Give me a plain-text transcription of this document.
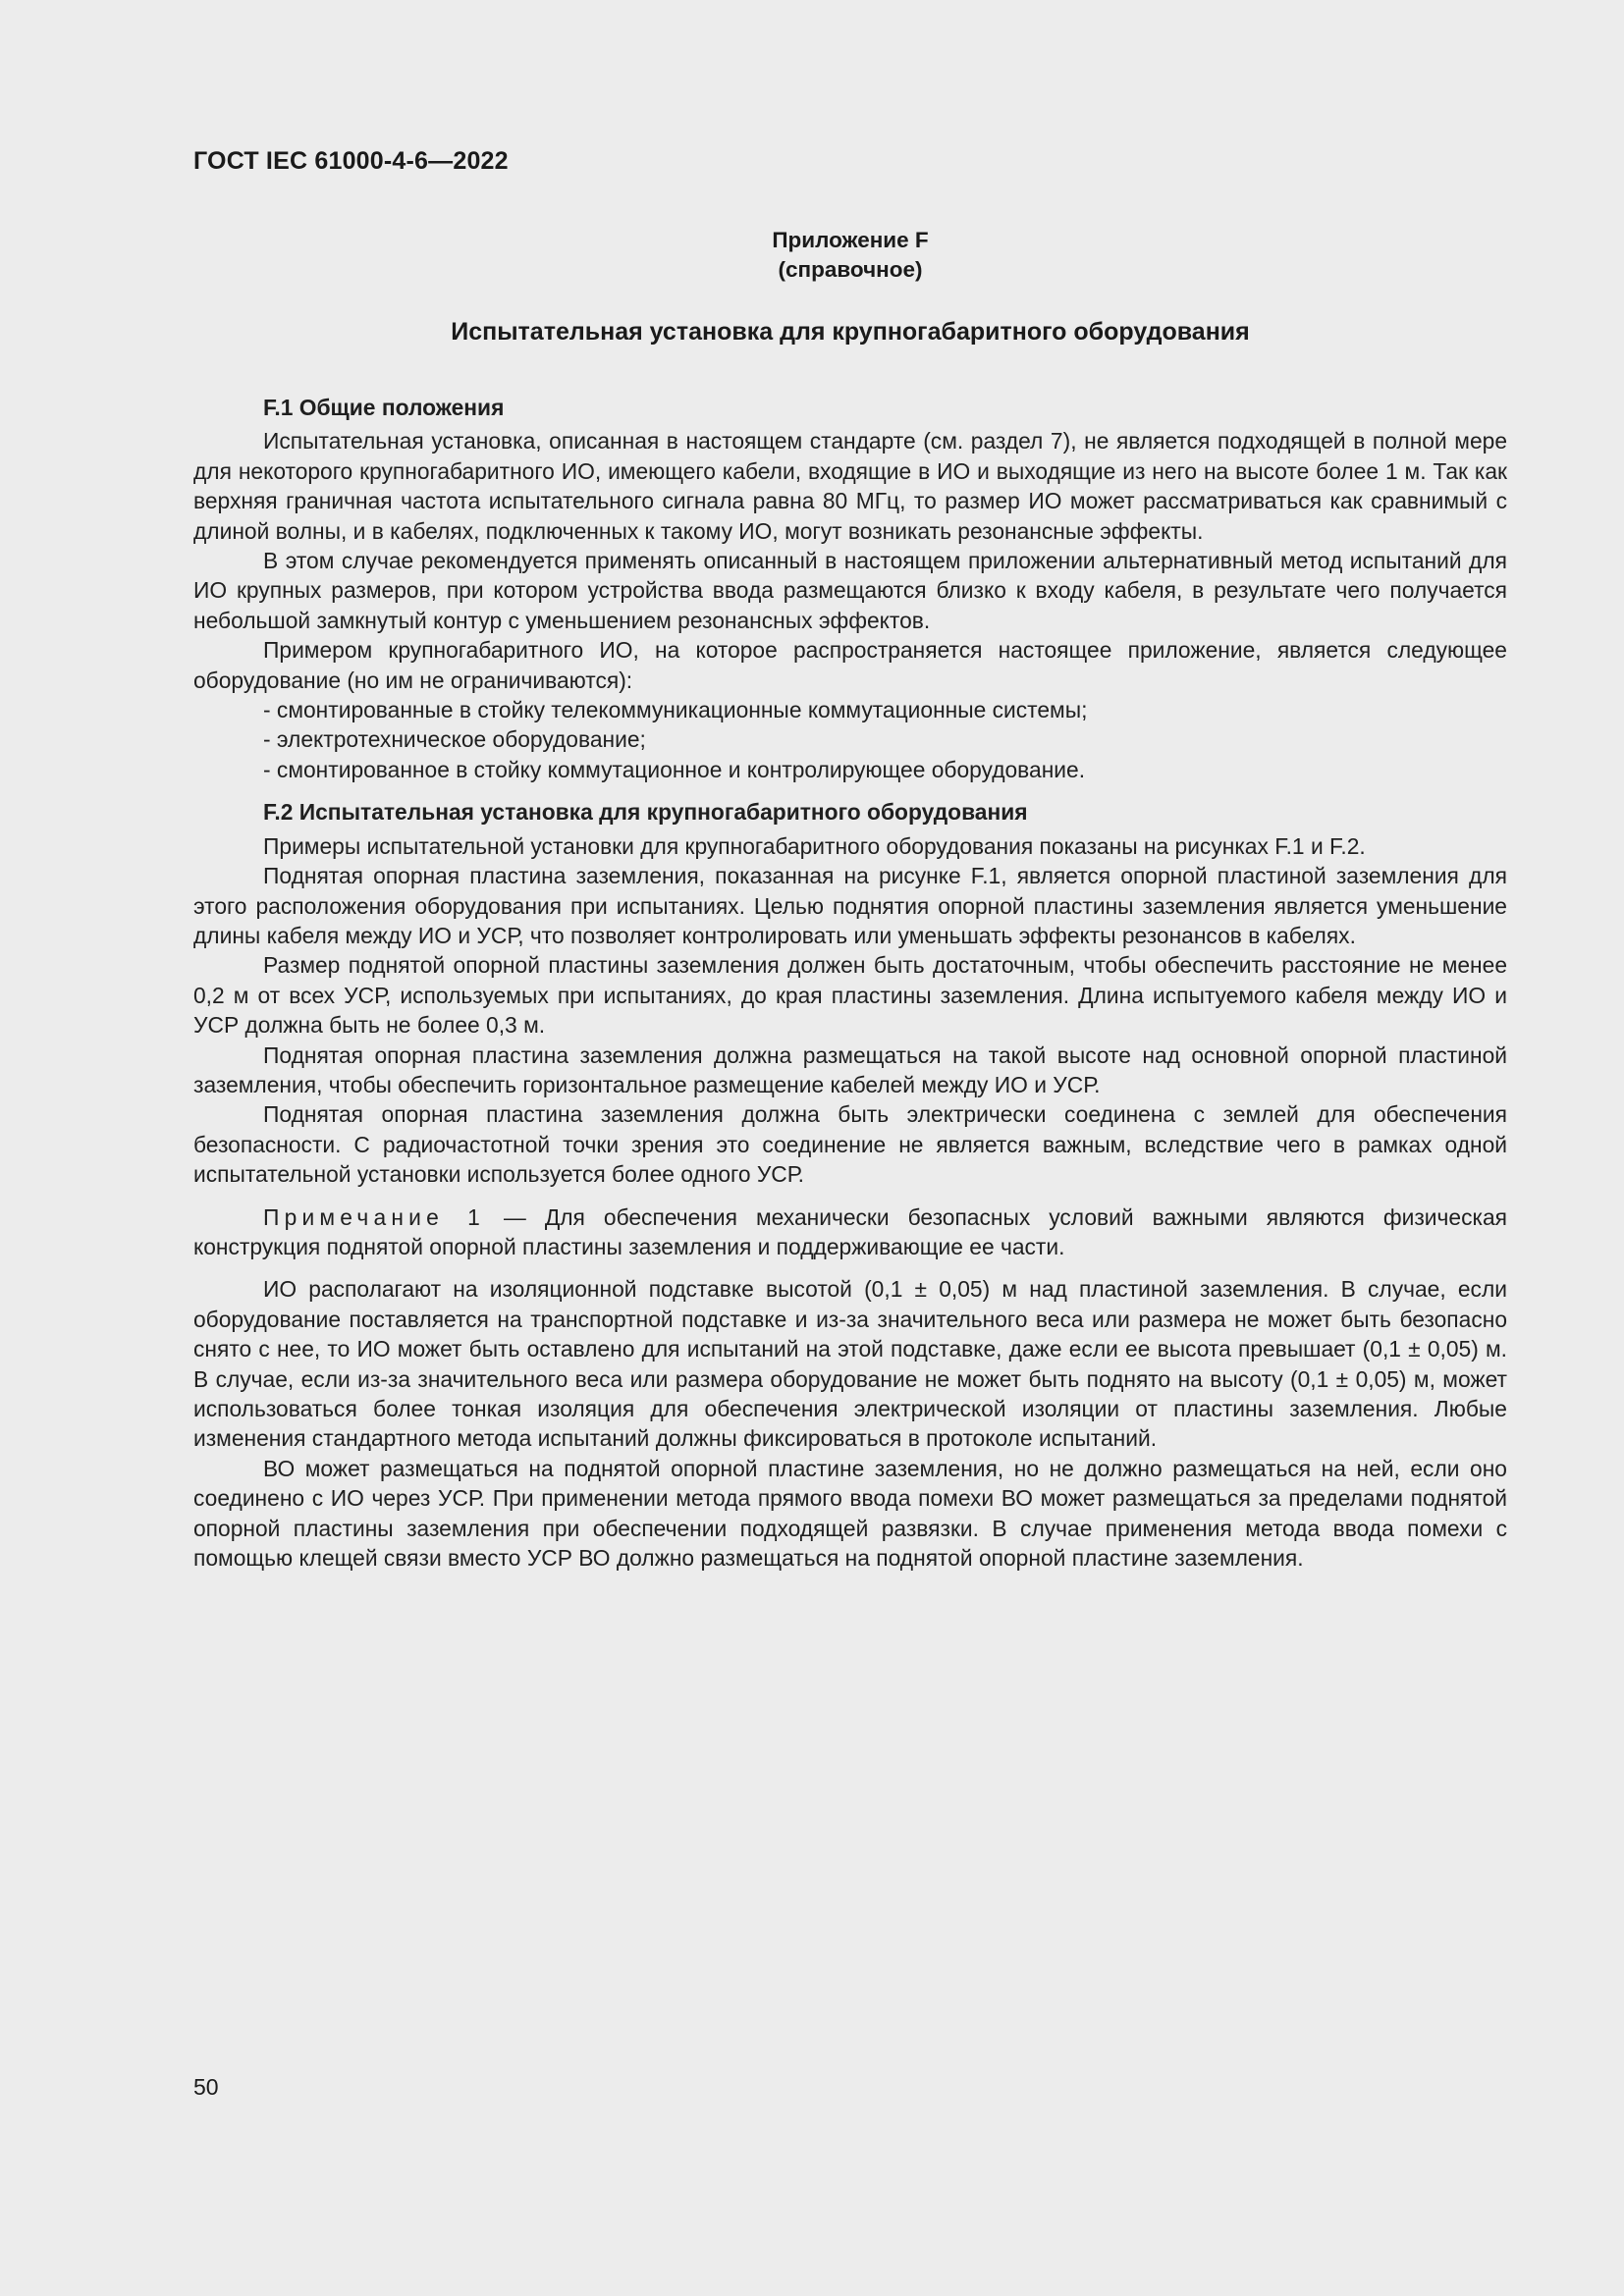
ГОСТ IEC 61000-4-6—2022
Приложение F
(справочное)
Испытательная установка для крупногабаритного оборудования
F.1 Общие положения

Испытательная установка, описанная в настоящем стандарте (см. раздел 7), не является подходящей в полной мере для некоторого крупногабаритного ИО, имеющего кабели, входящие в ИО и выходящие из него на высоте более 1 м. Так как верхняя граничная частота испытательного сигнала равна 80 МГц, то размер ИО может рассматриваться как сравнимый с длиной волны, и в кабелях, подключенных к такому ИО, могут возникать резонансные эффекты.

В этом случае рекомендуется применять описанный в настоящем приложении альтернативный метод испытаний для ИО крупных размеров, при котором устройства ввода размещаются близко к входу кабеля, в результате чего получается небольшой замкнутый контур с уменьшением резонансных эффектов.

Примером крупногабаритного ИО, на которое распространяется настоящее приложение, является следующее оборудование (но им не ограничиваются):

- смонтированные в стойку телекоммуникационные коммутационные системы;

- электротехническое оборудование;

- смонтированное в стойку коммутационное и контролирующее оборудование.

F.2 Испытательная установка для крупногабаритного оборудования

Примеры испытательной установки для крупногабаритного оборудования показаны на рисунках F.1 и F.2.

Поднятая опорная пластина заземления, показанная на рисунке F.1, является опорной пластиной заземления для этого расположения оборудования при испытаниях. Целью поднятия опорной пластины заземления является уменьшение длины кабеля между ИО и УСР, что позволяет контролировать или уменьшать эффекты резонансов в кабелях.

Размер поднятой опорной пластины заземления должен быть достаточным, чтобы обеспечить расстояние не менее 0,2 м от всех УСР, используемых при испытаниях, до края пластины заземления. Длина испытуемого кабеля между ИО и УСР должна быть не более 0,3 м.

Поднятая опорная пластина заземления должна размещаться на такой высоте над основной опорной пластиной заземления, чтобы обеспечить горизонтальное размещение кабелей между ИО и УСР.

Поднятая опорная пластина заземления должна быть электрически соединена с землей для обеспечения безопасности. С радиочастотной точки зрения это соединение не является важным, вследствие чего в рамках одной испытательной установки используется более одного УСР.

Примечание 1 — Для обеспечения механически безопасных условий важными являются физическая конструкция поднятой опорной пластины заземления и поддерживающие ее части.

ИО располагают на изоляционной подставке высотой (0,1 ± 0,05) м над пластиной заземления. В случае, если оборудование поставляется на транспортной подставке и из-за значительного веса или размера не может быть безопасно снято с нее, то ИО может быть оставлено для испытаний на этой подставке, даже если ее высота превышает (0,1 ± 0,05) м. В случае, если из-за значительного веса или размера оборудование не может быть поднято на высоту (0,1 ± 0,05) м, может использоваться более тонкая изоляция для обеспечения электрической изоляции от пластины заземления. Любые изменения стандартного метода испытаний должны фиксироваться в протоколе испытаний.

ВО может размещаться на поднятой опорной пластине заземления, но не должно размещаться на ней, если оно соединено с ИО через УСР. При применении метода прямого ввода помехи ВО может размещаться за пределами поднятой опорной пластины заземления при обеспечении подходящей развязки. В случае применения метода ввода помехи с помощью клещей связи вместо УСР ВО должно размещаться на поднятой опорной пластине заземления.

50
